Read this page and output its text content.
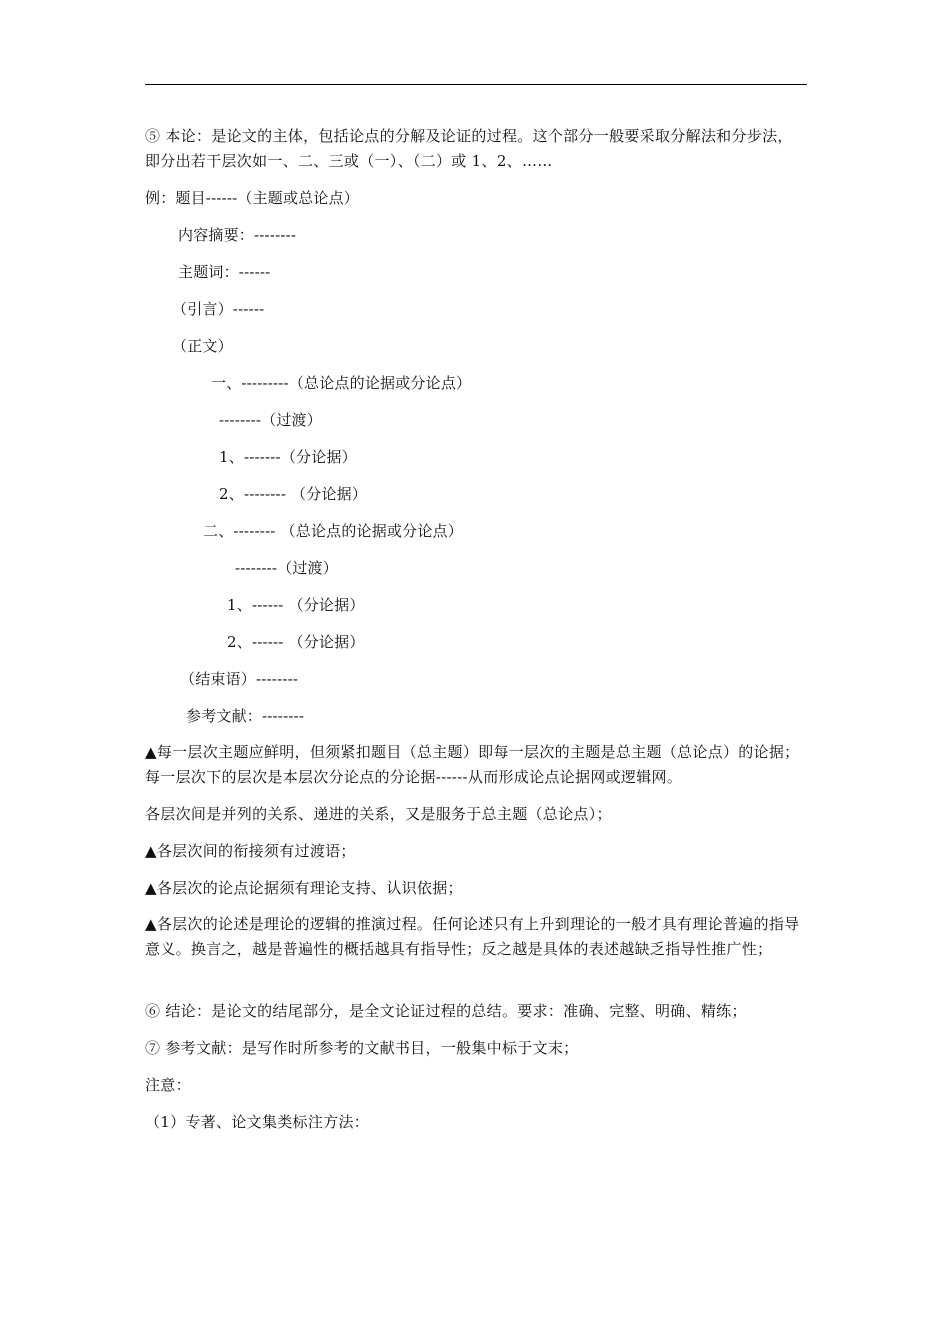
⑤ 本论：是论文的主体，包括论点的分解及论证的过程。这个部分一般要采取分解法和分步法，即分出若干层次如一、二、三或（一）、（二）或 1、2、……
例：题目------（主题或总论点）
内容摘要：--------
主题词：------
（引言）------
（正文）
一、---------（总论点的论据或分论点）
--------（过渡）
1、-------（分论据）
2、-------- （分论据）
二、-------- （总论点的论据或分论点）
--------（过渡）
1、------ （分论据）
2、------ （分论据）
（结束语）--------
参考文献：--------
▲每一层次主题应鲜明，但须紧扣题目（总主题）即每一层次的主题是总主题（总论点）的论据；每一层次下的层次是本层次分论点的分论据------从而形成论点论据网或逻辑网。
各层次间是并列的关系、递进的关系，又是服务于总主题（总论点）；
▲各层次间的衔接须有过渡语；
▲各层次的论点论据须有理论支持、认识依据；
▲各层次的论述是理论的逻辑的推演过程。任何论述只有上升到理论的一般才具有理论普遍的指导意义。换言之，越是普遍性的概括越具有指导性；反之越是具体的表述越缺乏指导性推广性；
⑥ 结论：是论文的结尾部分，是全文论证过程的总结。要求：准确、完整、明确、精练；
⑦ 参考文献：是写作时所参考的文献书目，一般集中标于文末；
注意：
（1）专著、论文集类标注方法：
